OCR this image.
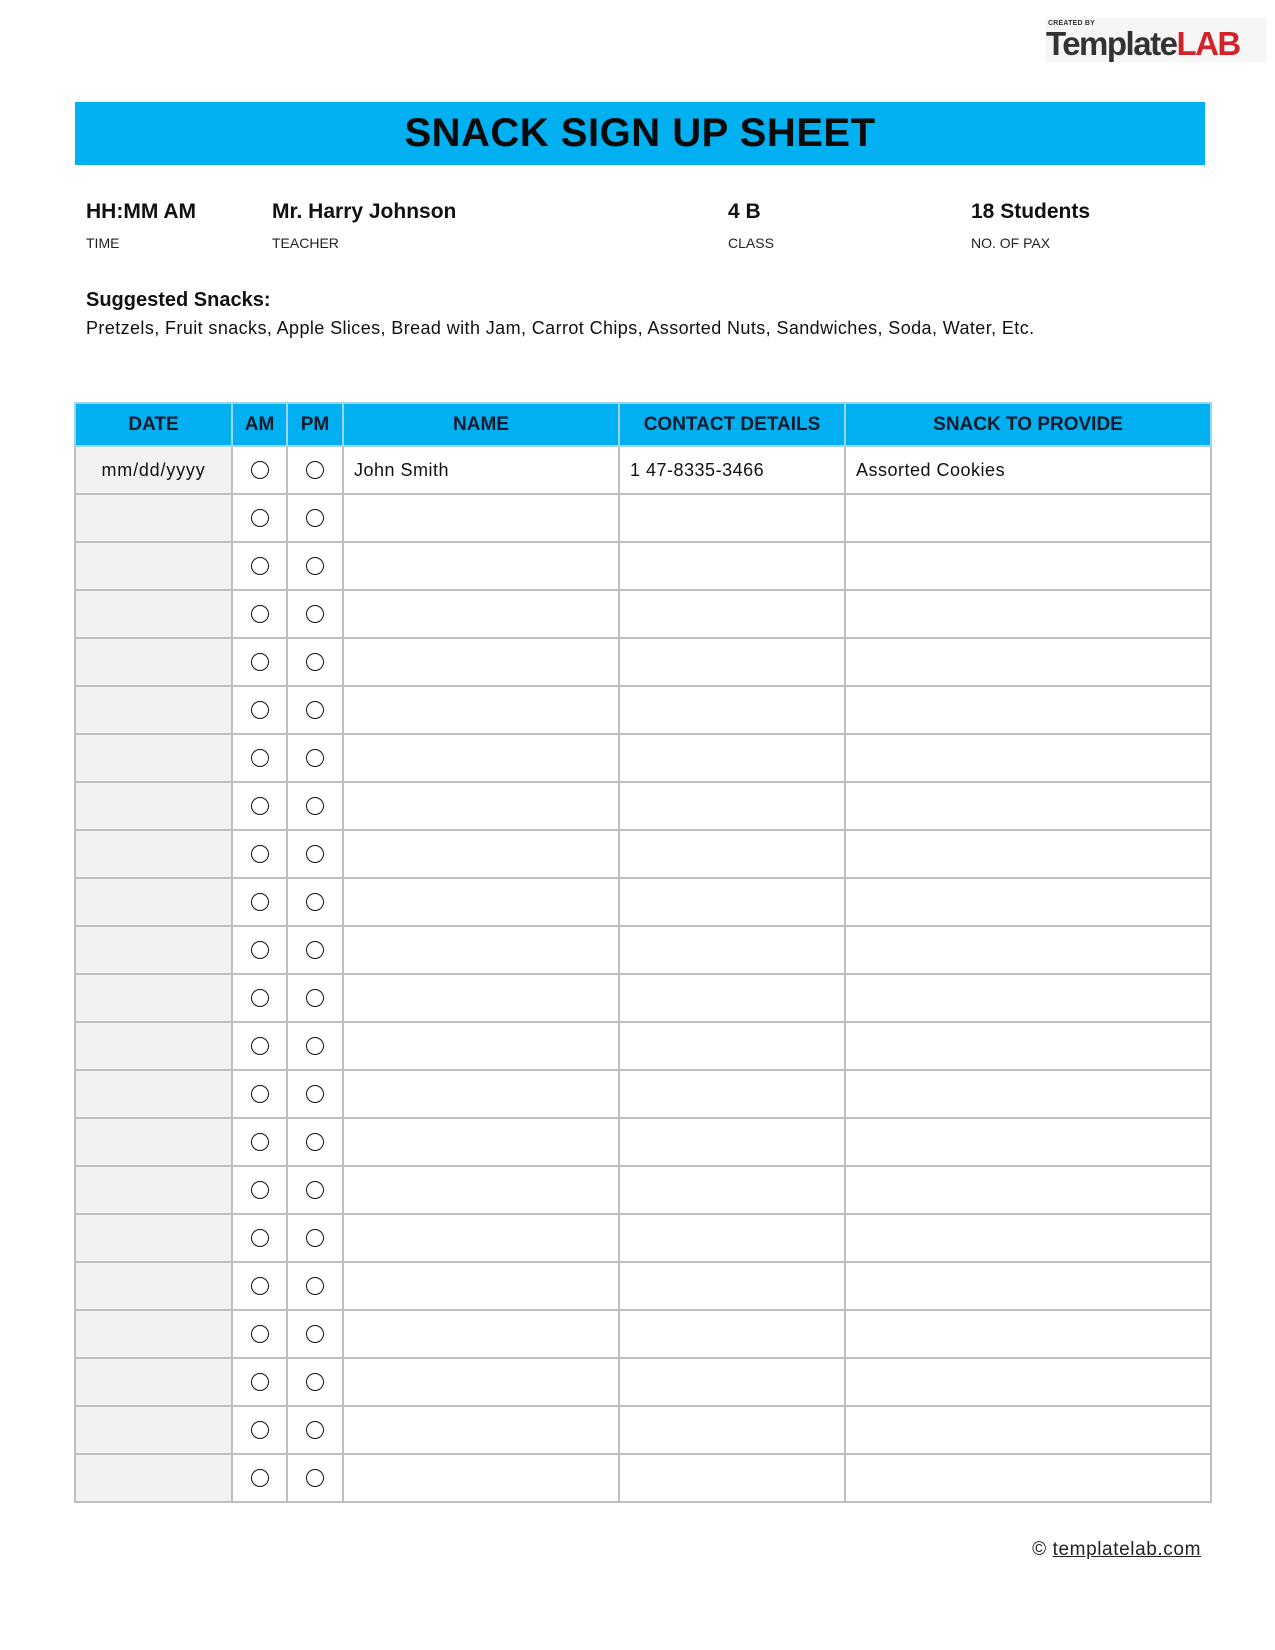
CREATED BY
TemplateLAB
SNACK SIGN UP SHEET
HH:MM AM
TIME
Mr. Harry Johnson
TEACHER
4 B
CLASS
18 Students
NO. OF PAX
Suggested Snacks:
Pretzels, Fruit snacks, Apple Slices, Bread with Jam, Carrot Chips, Assorted Nuts, Sandwiches, Soda, Water, Etc.
DATE	AM	PM	NAME	CONTACT DETAILS	SNACK TO PROVIDE
mm/dd/yyyy			John Smith	1 47-8335-3466	Assorted Cookies

© templatelab.com
